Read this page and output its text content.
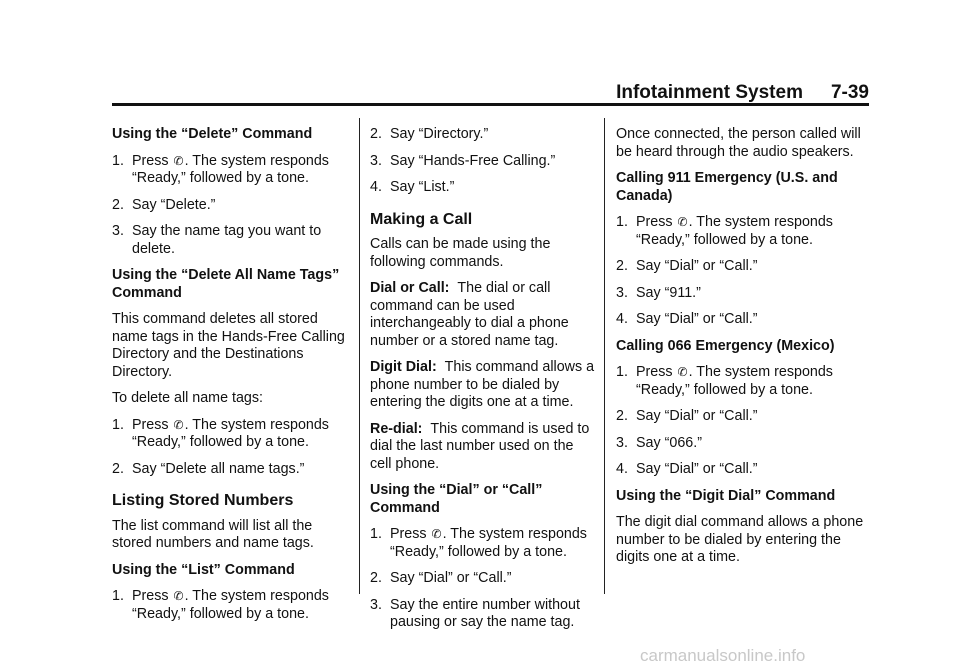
Infotainment System 7-39

Using the “Delete” Command

1. Press ✆. The system responds “Ready,” followed by a tone.
2. Say “Delete.”
3. Say the name tag you want to delete.

Using the “Delete All Name Tags” Command

This command deletes all stored name tags in the Hands‑Free Calling Directory and the Destinations Directory.

To delete all name tags:

1. Press ✆. The system responds “Ready,” followed by a tone.
2. Say “Delete all name tags.”

Listing Stored Numbers

The list command will list all the stored numbers and name tags.

Using the “List” Command

1. Press ✆. The system responds “Ready,” followed by a tone.
2. Say “Directory.”
3. Say “Hands‑Free Calling.”
4. Say “List.”

Making a Call

Calls can be made using the following commands.

Dial or Call: The dial or call command can be used interchangeably to dial a phone number or a stored name tag.

Digit Dial: This command allows a phone number to be dialed by entering the digits one at a time.

Re‑dial: This command is used to dial the last number used on the cell phone.

Using the “Dial” or “Call” Command

1. Press ✆. The system responds “Ready,” followed by a tone.
2. Say “Dial” or “Call.”
3. Say the entire number without pausing or say the name tag.

Once connected, the person called will be heard through the audio speakers.

Calling 911 Emergency (U.S. and Canada)

1. Press ✆. The system responds “Ready,” followed by a tone.
2. Say “Dial” or “Call.”
3. Say “911.”
4. Say “Dial” or “Call.”

Calling 066 Emergency (Mexico)

1. Press ✆. The system responds “Ready,” followed by a tone.
2. Say “Dial” or “Call.”
3. Say “066.”
4. Say “Dial” or “Call.”

Using the “Digit Dial” Command

The digit dial command allows a phone number to be dialed by entering the digits one at a time.

carmanualsonline.info
